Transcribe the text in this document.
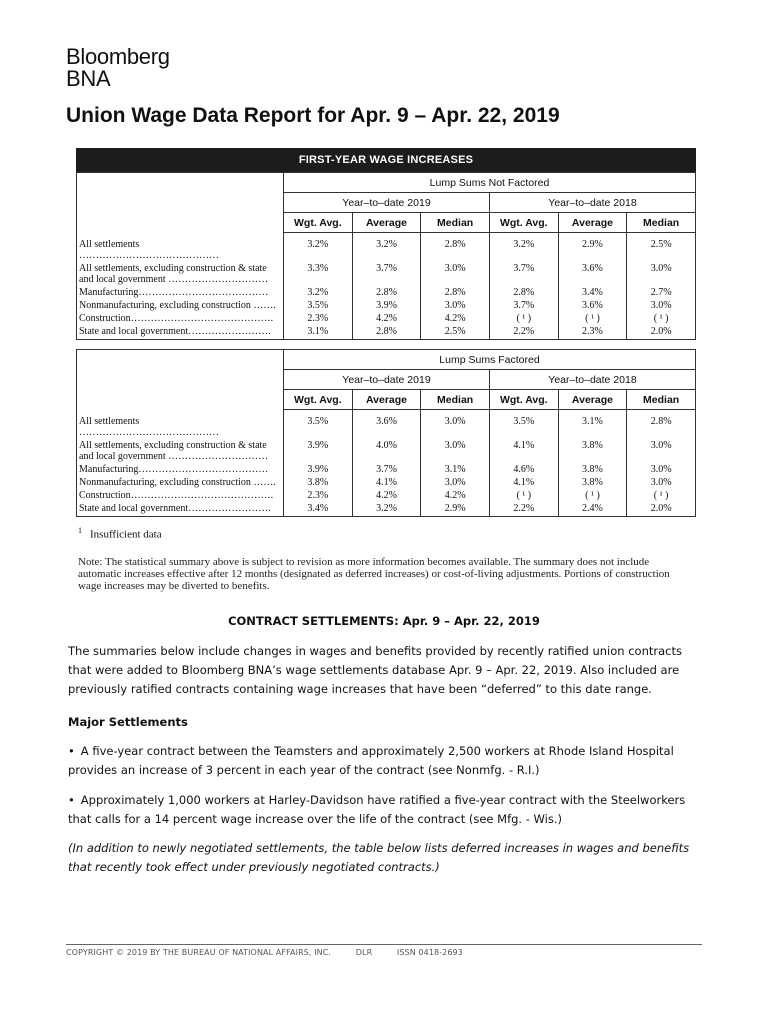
Bloomberg
BNA
Union Wage Data Report for Apr. 9 – Apr. 22, 2019
FIRST-YEAR WAGE INCREASES
	Lump Sums Not Factored					
	Year–to–date 2019			Year–to–date 2018		
	Wgt. Avg.	Average	Median	Wgt. Avg.	Average	Median

All settlements ……………………………………	3.2%	3.2%	2.8%	3.2%	2.9%	2.5%

All settlements, excluding construction & state
and local government …………………………	3.3%	3.7%	3.0%	3.7%	3.6%	3.0%

Manufacturing…………………………………	3.2%	2.8%	2.8%	2.8%	3.4%	2.7%

Nonmanufacturing, excluding construction …….	3.5%	3.9%	3.0%	3.7%	3.6%	3.0%

Construction…………………………………….	2.3%	4.2%	4.2%	( ¹ )	( ¹ )	( ¹ )

State and local government…………………….	3.1%	2.8%	2.5%	2.2%	2.3%	2.0%
	Lump Sums Factored					
	Year–to–date 2019			Year–to–date 2018		
	Wgt. Avg.	Average	Median	Wgt. Avg.	Average	Median

All settlements ……………………………………	3.5%	3.6%	3.0%	3.5%	3.1%	2.8%

All settlements, excluding construction & state
and local government …………………………	3.9%	4.0%	3.0%	4.1%	3.8%	3.0%

Manufacturing…………………………………	3.9%	3.7%	3.1%	4.6%	3.8%	3.0%

Nonmanufacturing, excluding construction …….	3.8%	4.1%	3.0%	4.1%	3.8%	3.0%

Construction…………………………………….	2.3%	4.2%	4.2%	( ¹ )	( ¹ )	( ¹ )

State and local government…………………….	3.4%	3.2%	2.9%	2.2%	2.4%	2.0%
$^1$ Insufficient data
Note: The statistical summary above is subject to revision as more information becomes available. The summary does not include automatic increases effective after 12 months (designated as deferred increases) or cost-of-living adjustments. Portions of construction wage increases may be diverted to benefits.
CONTRACT SETTLEMENTS: Apr. 9 – Apr. 22, 2019
The summaries below include changes in wages and benefits provided by recently ratified union contracts that were added to Bloomberg BNA’s wage settlements database Apr. 9 – Apr. 22, 2019. Also included are previously ratified contracts containing wage increases that have been “deferred” to this date range.
Major Settlements
• A five-year contract between the Teamsters and approximately 2,500 workers at Rhode Island Hospital provides an increase of 3 percent in each year of the contract (see Nonmfg. - R.I.)
• Approximately 1,000 workers at Harley-Davidson have ratified a five-year contract with the Steelworkers that calls for a 14 percent wage increase over the life of the contract (see Mfg. - Wis.)
(In addition to newly negotiated settlements, the table below lists deferred increases in wages and benefits that recently took effect under previously negotiated contracts.)
COPYRIGHT © 2019 BY THE BUREAU OF NATIONAL AFFAIRS, INC.	DLR	ISSN 0418-2693
